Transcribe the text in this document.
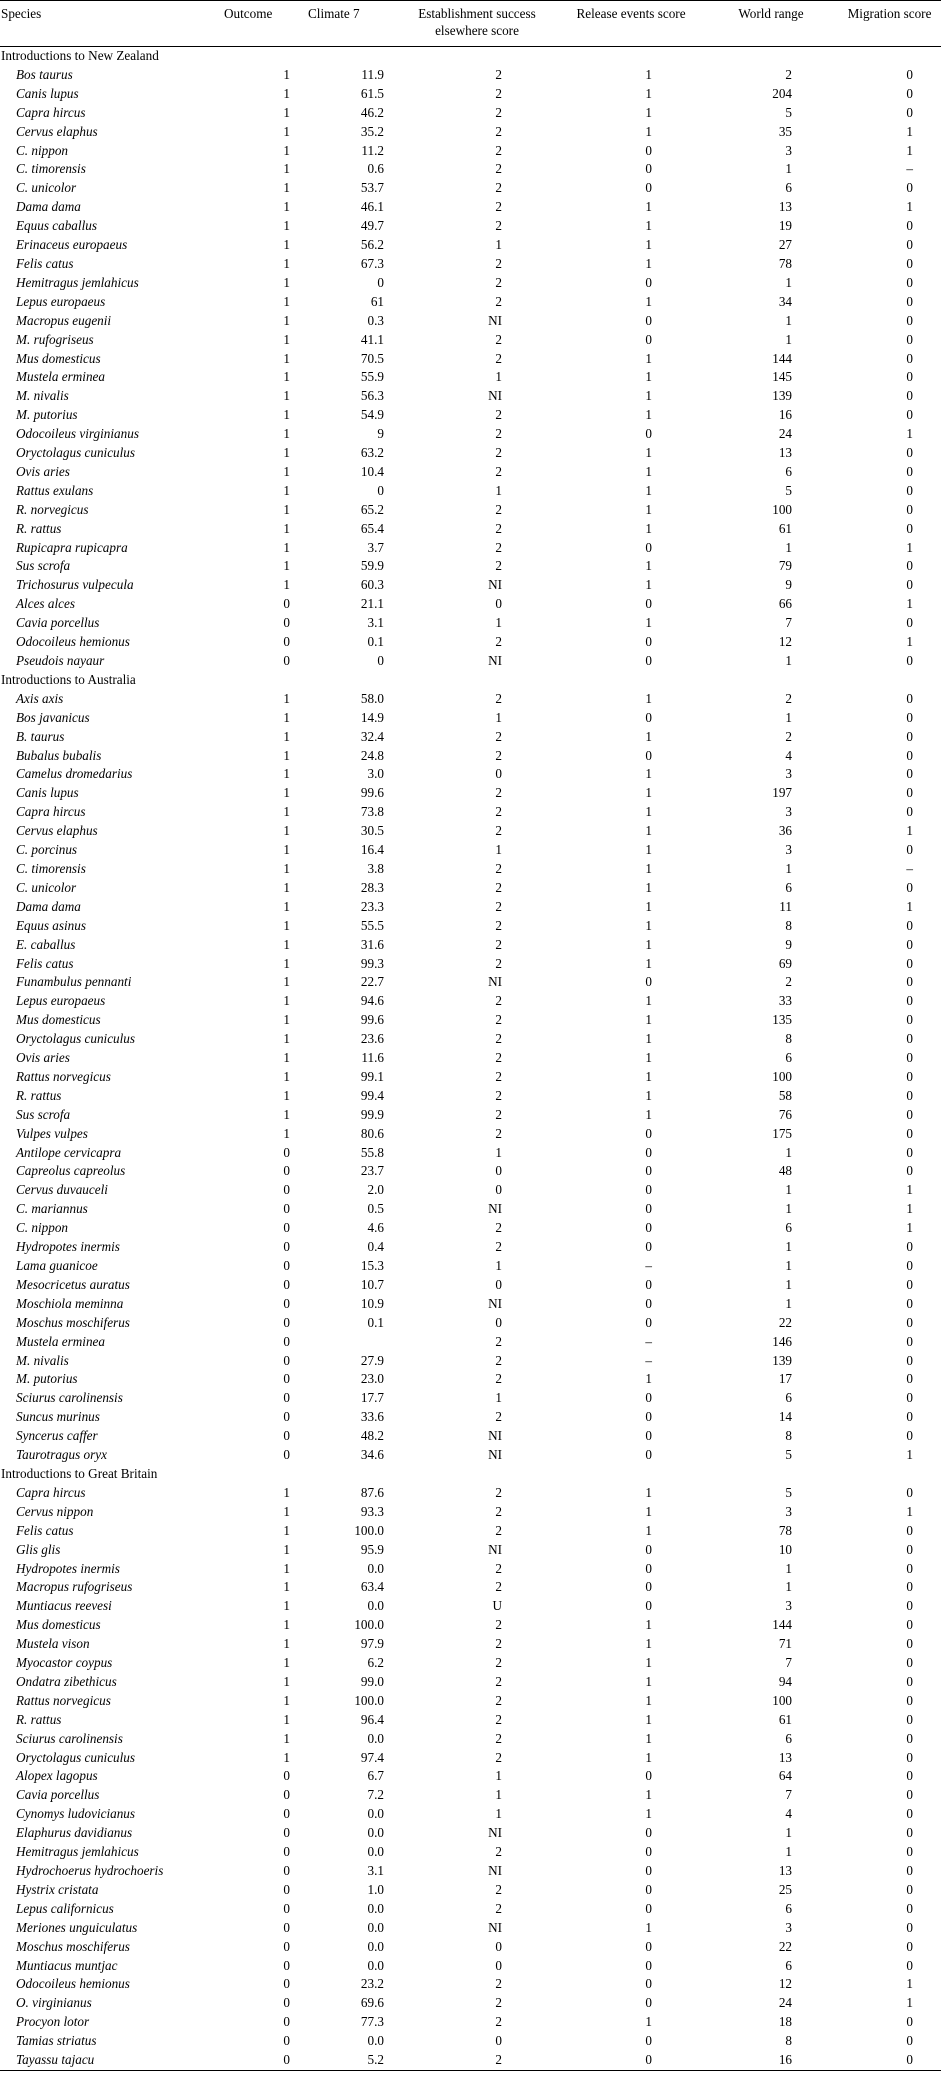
Species	Outcome	Climate 7	Establishment success elsewhere score	Release events score	World range	Migration score
Introductions to New Zealand						
Bos taurus	1	11.9	2	1	2	0
Canis lupus	1	61.5	2	1	204	0
Capra hircus	1	46.2	2	1	5	0
Cervus elaphus	1	35.2	2	1	35	1
C. nippon	1	11.2	2	0	3	1
C. timorensis	1	0.6	2	0	1	–
C. unicolor	1	53.7	2	0	6	0
Dama dama	1	46.1	2	1	13	1
Equus caballus	1	49.7	2	1	19	0
Erinaceus europaeus	1	56.2	1	1	27	0
Felis catus	1	67.3	2	1	78	0
Hemitragus jemlahicus	1	0	2	0	1	0
Lepus europaeus	1	61	2	1	34	0
Macropus eugenii	1	0.3	NI	0	1	0
M. rufogriseus	1	41.1	2	0	1	0
Mus domesticus	1	70.5	2	1	144	0
Mustela erminea	1	55.9	1	1	145	0
M. nivalis	1	56.3	NI	1	139	0
M. putorius	1	54.9	2	1	16	0
Odocoileus virginianus	1	9	2	0	24	1
Oryctolagus cuniculus	1	63.2	2	1	13	0
Ovis aries	1	10.4	2	1	6	0
Rattus exulans	1	0	1	1	5	0
R. norvegicus	1	65.2	2	1	100	0
R. rattus	1	65.4	2	1	61	0
Rupicapra rupicapra	1	3.7	2	0	1	1
Sus scrofa	1	59.9	2	1	79	0
Trichosurus vulpecula	1	60.3	NI	1	9	0
Alces alces	0	21.1	0	0	66	1
Cavia porcellus	0	3.1	1	1	7	0
Odocoileus hemionus	0	0.1	2	0	12	1
Pseudois nayaur	0	0	NI	0	1	0
Introductions to Australia						
Axis axis	1	58.0	2	1	2	0
Bos javanicus	1	14.9	1	0	1	0
B. taurus	1	32.4	2	1	2	0
Bubalus bubalis	1	24.8	2	0	4	0
Camelus dromedarius	1	3.0	0	1	3	0
Canis lupus	1	99.6	2	1	197	0
Capra hircus	1	73.8	2	1	3	0
Cervus elaphus	1	30.5	2	1	36	1
C. porcinus	1	16.4	1	1	3	0
C. timorensis	1	3.8	2	1	1	–
C. unicolor	1	28.3	2	1	6	0
Dama dama	1	23.3	2	1	11	1
Equus asinus	1	55.5	2	1	8	0
E. caballus	1	31.6	2	1	9	0
Felis catus	1	99.3	2	1	69	0
Funambulus pennanti	1	22.7	NI	0	2	0
Lepus europaeus	1	94.6	2	1	33	0
Mus domesticus	1	99.6	2	1	135	0
Oryctolagus cuniculus	1	23.6	2	1	8	0
Ovis aries	1	11.6	2	1	6	0
Rattus norvegicus	1	99.1	2	1	100	0
R. rattus	1	99.4	2	1	58	0
Sus scrofa	1	99.9	2	1	76	0
Vulpes vulpes	1	80.6	2	0	175	0
Antilope cervicapra	0	55.8	1	0	1	0
Capreolus capreolus	0	23.7	0	0	48	0
Cervus duvauceli	0	2.0	0	0	1	1
C. mariannus	0	0.5	NI	0	1	1
C. nippon	0	4.6	2	0	6	1
Hydropotes inermis	0	0.4	2	0	1	0
Lama guanicoe	0	15.3	1	–	1	0
Mesocricetus auratus	0	10.7	0	0	1	0
Moschiola meminna	0	10.9	NI	0	1	0
Moschus moschiferus	0	0.1	0	0	22	0
Mustela erminea	0		2	–	146	0
M. nivalis	0	27.9	2	–	139	0
M. putorius	0	23.0	2	1	17	0
Sciurus carolinensis	0	17.7	1	0	6	0
Suncus murinus	0	33.6	2	0	14	0
Syncerus caffer	0	48.2	NI	0	8	0
Taurotragus oryx	0	34.6	NI	0	5	1
Introductions to Great Britain						
Capra hircus	1	87.6	2	1	5	0
Cervus nippon	1	93.3	2	1	3	1
Felis catus	1	100.0	2	1	78	0
Glis glis	1	95.9	NI	0	10	0
Hydropotes inermis	1	0.0	2	0	1	0
Macropus rufogriseus	1	63.4	2	0	1	0
Muntiacus reevesi	1	0.0	U	0	3	0
Mus domesticus	1	100.0	2	1	144	0
Mustela vison	1	97.9	2	1	71	0
Myocastor coypus	1	6.2	2	1	7	0
Ondatra zibethicus	1	99.0	2	1	94	0
Rattus norvegicus	1	100.0	2	1	100	0
R. rattus	1	96.4	2	1	61	0
Sciurus carolinensis	1	0.0	2	1	6	0
Oryctolagus cuniculus	1	97.4	2	1	13	0
Alopex lagopus	0	6.7	1	0	64	0
Cavia porcellus	0	7.2	1	1	7	0
Cynomys ludovicianus	0	0.0	1	1	4	0
Elaphurus davidianus	0	0.0	NI	0	1	0
Hemitragus jemlahicus	0	0.0	2	0	1	0
Hydrochoerus hydrochoeris	0	3.1	NI	0	13	0
Hystrix cristata	0	1.0	2	0	25	0
Lepus californicus	0	0.0	2	0	6	0
Meriones unguiculatus	0	0.0	NI	1	3	0
Moschus moschiferus	0	0.0	0	0	22	0
Muntiacus muntjac	0	0.0	0	0	6	0
Odocoileus hemionus	0	23.2	2	0	12	1
O. virginianus	0	69.6	2	0	24	1
Procyon lotor	0	77.3	2	1	18	0
Tamias striatus	0	0.0	0	0	8	0
Tayassu tajacu	0	5.2	2	0	16	0
